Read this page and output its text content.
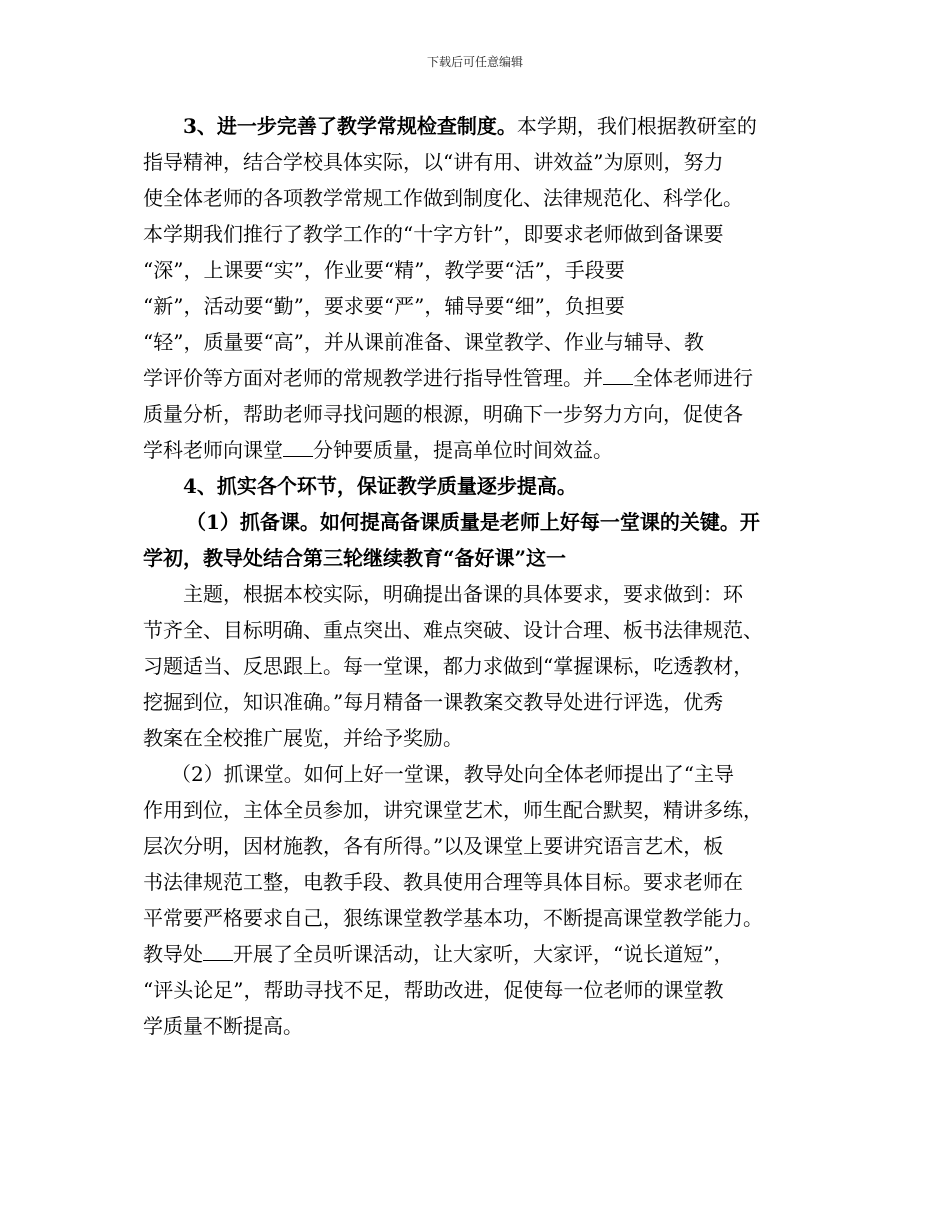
下载后可任意编辑
3、进一步完善了教学常规检查制度。本学期，我们根据教研室的
指导精神，结合学校具体实际，以“讲有用、讲效益”为原则，努力
使全体老师的各项教学常规工作做到制度化、法律规范化、科学化。
本学期我们推行了教学工作的“十字方针”，即要求老师做到备课要
“深”，上课要“实”，作业要“精”，教学要“活”，手段要
“新”，活动要“勤”，要求要“严”，辅导要“细”，负担要
“轻”，质量要“高”，并从课前准备、课堂教学、作业与辅导、教
学评价等方面对老师的常规教学进行指导性管理。并 全体老师进行
质量分析，帮助老师寻找问题的根源，明确下一步努力方向，促使各
学科老师向课堂 分钟要质量，提高单位时间效益。
4、抓实各个环节，保证教学质量逐步提高。
（1）抓备课。如何提高备课质量是老师上好每一堂课的关键。开
学初，教导处结合第三轮继续教育“备好课”这一
主题，根据本校实际，明确提出备课的具体要求，要求做到：环
节齐全、目标明确、重点突出、难点突破、设计合理、板书法律规范、
习题适当、反思跟上。每一堂课，都力求做到“掌握课标，吃透教材，
挖掘到位，知识准确。”每月精备一课教案交教导处进行评选，优秀
教案在全校推广展览，并给予奖励。
（2）抓课堂。如何上好一堂课，教导处向全体老师提出了“主导
作用到位，主体全员参加，讲究课堂艺术，师生配合默契，精讲多练，
层次分明，因材施教，各有所得。”以及课堂上要讲究语言艺术，板
书法律规范工整，电教手段、教具使用合理等具体目标。要求老师在
平常要严格要求自己，狠练课堂教学基本功，不断提高课堂教学能力。
教导处 开展了全员听课活动，让大家听，大家评，“说长道短”，
“评头论足”，帮助寻找不足，帮助改进，促使每一位老师的课堂教
学质量不断提高。
